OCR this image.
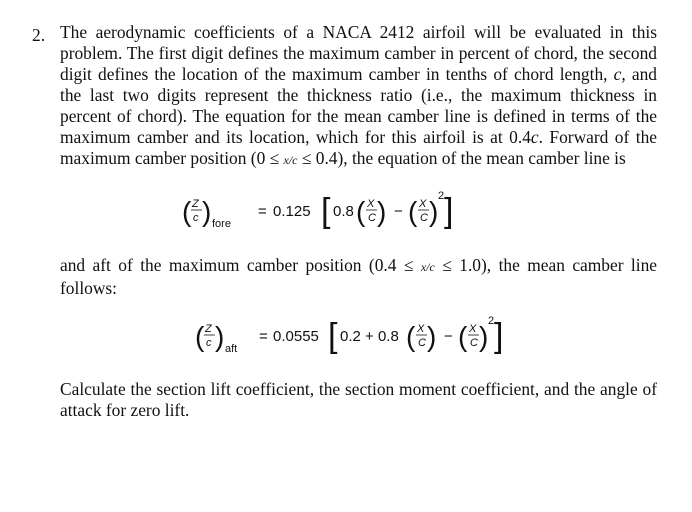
2. The aerodynamic coefficients of a NACA 2412 airfoil will be evaluated in this problem. The first digit defines the maximum camber in percent of chord, the second digit defines the location of the maximum camber in tenths of chord length, c, and the last two digits represent the thickness ratio (i.e., the maximum thickness in percent of chord). The equation for the mean camber line is defined in terms of the maximum camber and its location, which for this airfoil is at 0.4c. Forward of the maximum camber position (0 ≤ x/c ≤ 0.4), the equation of the mean camber line is

( Z
c ) fore
= 0.125 [ 0.8 ( X
C ) − ( X
C ) 2 ]

and aft of the maximum camber position (0.4 ≤ x/c ≤ 1.0), the mean camber line follows:

( Z
c ) aft
= 0.0555 [ 0.2 + 0.8 ( X
C ) − ( X
C ) 2 ]

Calculate the section lift coefficient, the section moment coefficient, and the angle of attack for zero lift.
